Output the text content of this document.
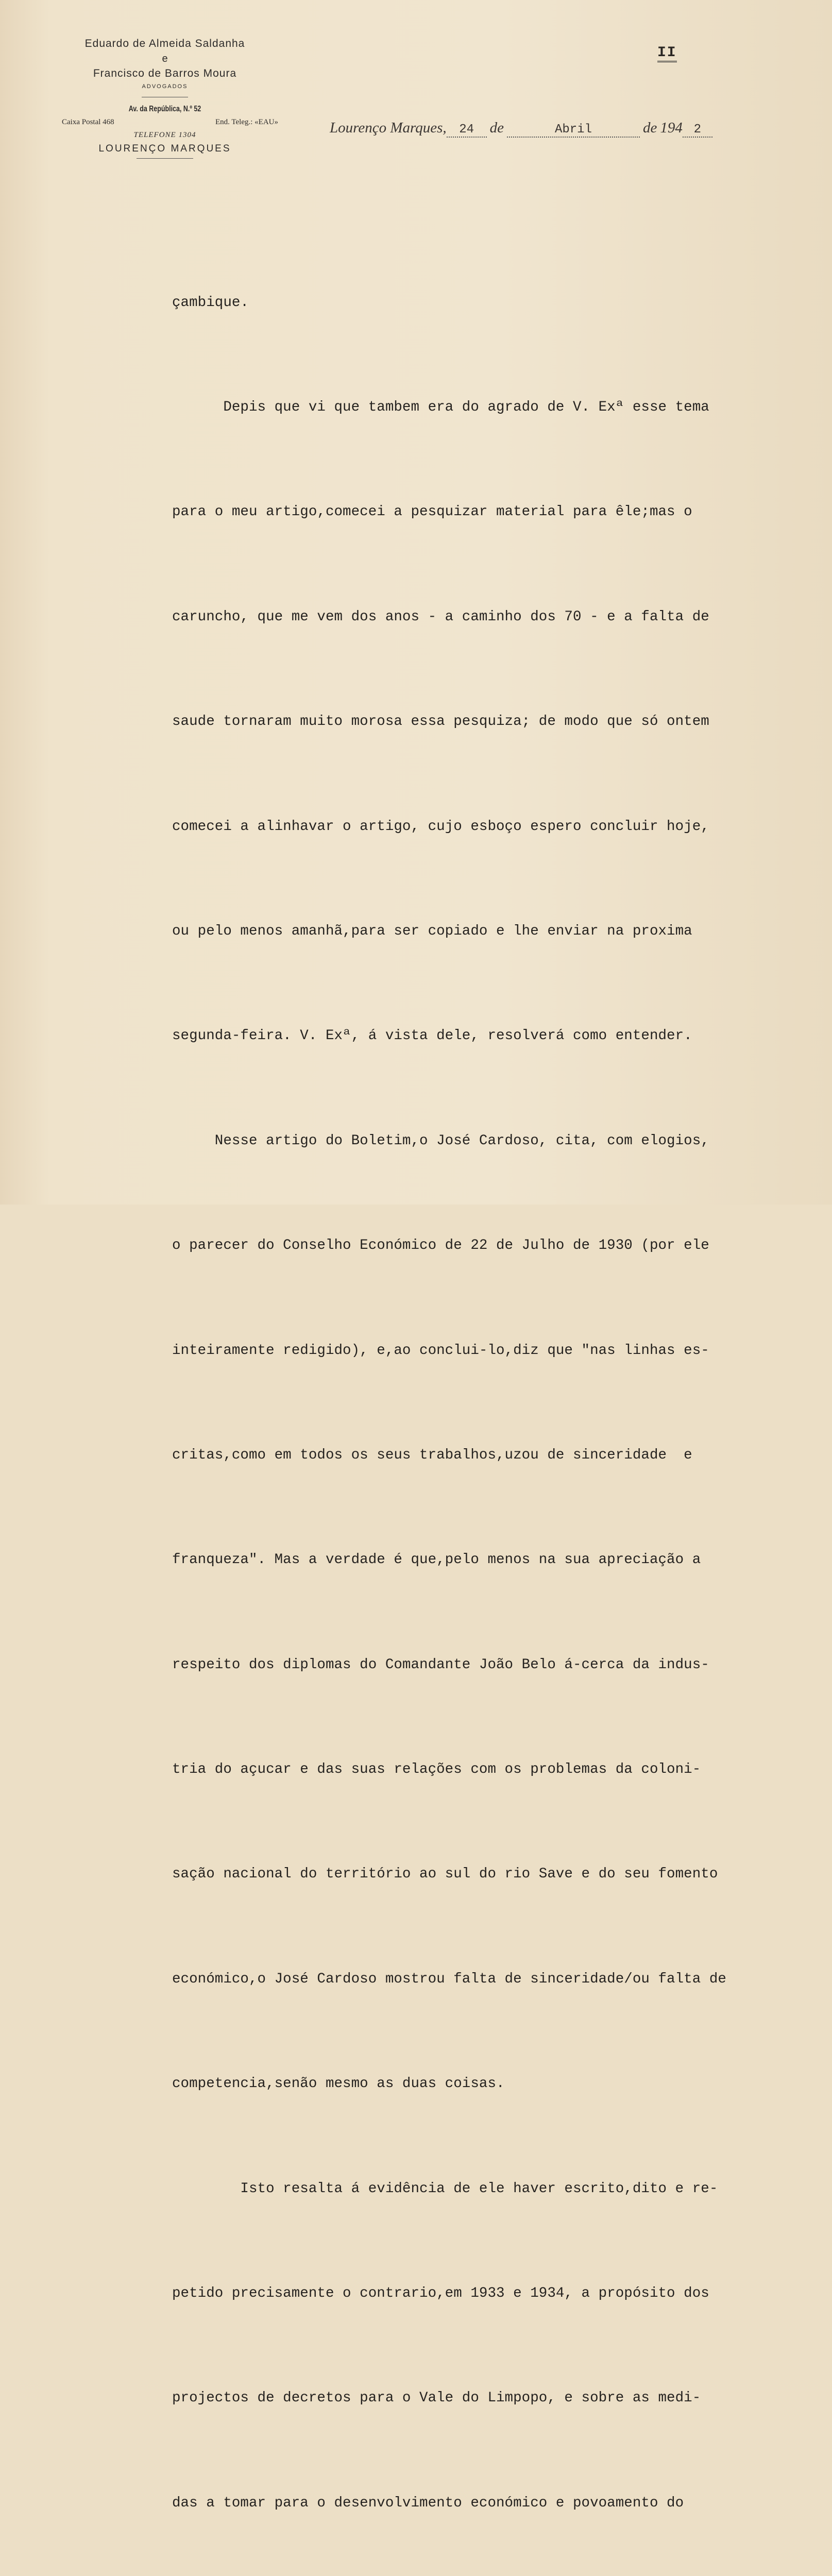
Eduardo de Almeida Saldanha
e
Francisco de Barros Moura
ADVOGADOS
Av. da República, N.º 52
Caixa Postal 468	End. Teleg.: «EAU»
TELEFONE 1304
LOURENÇO MARQUES
II
Lourenço Marques,	24	de	Abril	de 194 2

çambique.

Depis que vi que tambem era do agrado de V. Exª esse tema

para o meu artigo,comecei a pesquizar material para êle;mas o

caruncho, que me vem dos anos - a caminho dos 70 - e a falta de

saude tornaram muito morosa essa pesquiza; de modo que só ontem

comecei a alinhavar o artigo, cujo esboço espero concluir hoje,

ou pelo menos amanhã,para ser copiado e lhe enviar na proxima

segunda-feira. V. Exª, á vista dele, resolverá como entender.

Nesse artigo do Boletim,o José Cardoso, cita, com elogios,

o parecer do Conselho Económico de 22 de Julho de 1930 (por ele

inteiramente redigido), e,ao conclui-lo,diz que "nas linhas es-

critas,como em todos os seus trabalhos,uzou de sinceridade  e

franqueza". Mas a verdade é que,pelo menos na sua apreciação a

respeito dos diplomas do Comandante João Belo á-cerca da indus-

tria do açucar e das suas relações com os problemas da coloni-

sação nacional do território ao sul do rio Save e do seu fomento

económico,o José Cardoso mostrou falta de sinceridade/ou falta de

competencia,senão mesmo as duas coisas.

Isto resalta á evidência de ele haver escrito,dito e re-

petido precisamente o contrario,em 1933 e 1934, a propósito dos

projectos de decretos para o Vale do Limpopo, e sobre as medi-

das a tomar para o desenvolvimento económico e povoamento do
